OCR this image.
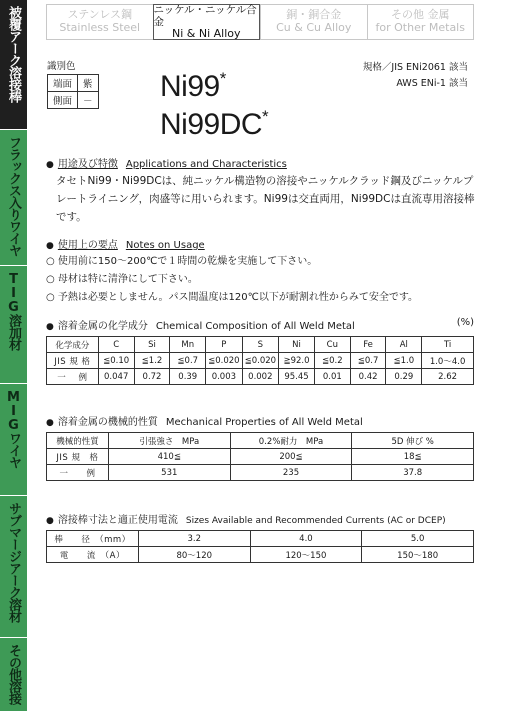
被覆アーク溶接棒
フラックス入りワイヤ
TIG溶加材
MIGワイヤ
サブマージアーク溶材
その他溶接
ステンレス鋼
Stainless Steel
ニッケル・ニッケル合金
Ni & Ni Alloy
銅・銅合金
Cu & Cu Alloy
その他 金属
for Other Metals
識別色
端面	紫
側面	－ Ni99*
Ni99DC*
規格／JIS ENi2061 該当
AWS ENi-1 該当
● 用途及び特徴 Applications and Characteristics
タセトNi99・Ni99DCは、純ニッケル構造物の溶接やニッケルクラッド鋼及びニッケルプレートライニング，肉盛等に用いられます。Ni99は交直両用，Ni99DCは直流専用溶接棒です。
● 使用上の要点 Notes on Usage
○ 使用前に150～200℃で１時間の乾燥を実施して下さい。
○ 母材は特に清浄にして下さい。
○ 予熱は必要としません。パス間温度は120℃以下が耐割れ性からみて安全です。
● 溶着金属の化学成分 Chemical Composition of All Weld Metal	(%)
化学成分	C	Si	Mn	P	S	Ni	Cu	Fe	Al	Ti
JIS 規 格	≦0.10	≦1.2	≦0.7	≦0.020	≦0.020	≧92.0	≦0.2	≦0.7	≦1.0	1.0～4.0
一　 例	0.047	0.72	0.39	0.003	0.002	95.45	0.01	0.42	0.29	2.62
● 溶着金属の機械的性質 Mechanical Properties of All Weld Metal
機械的性質	引張強さ　MPa	0.2%耐力　MPa	5D 伸び %
JIS 規　格	410≦	200≦	18≦
一　　例	531	235	37.8
● 溶接棒寸法と適正使用電流 Sizes Available and Recommended Currents (AC or DCEP)
棒　　径　（mm）	3.2	4.0	5.0
電　　流　（A）	80～120	120～150	150～180
